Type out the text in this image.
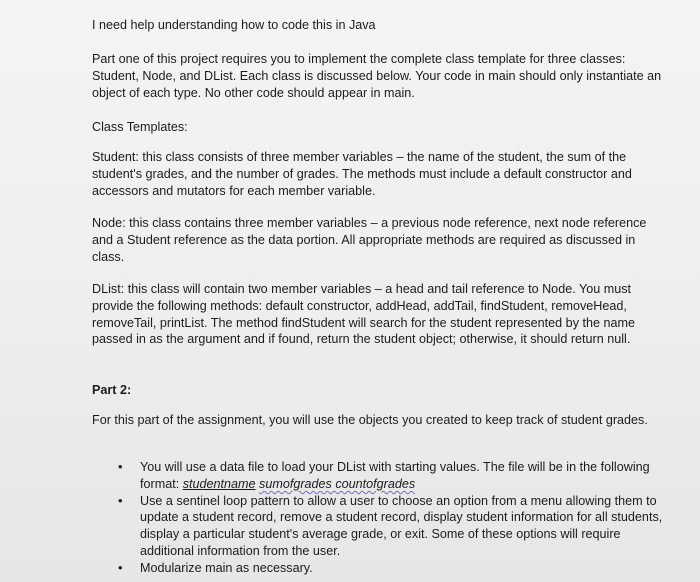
I need help understanding how to code this in Java

Part one of this project requires you to implement the complete class template for three classes: Student, Node, and DList. Each class is discussed below. Your code in main should only instantiate an object of each type. No other code should appear in main.

Class Templates:

Student: this class consists of three member variables – the name of the student, the sum of the student's grades, and the number of grades. The methods must include a default constructor and accessors and mutators for each member variable.

Node: this class contains three member variables – a previous node reference, next node reference and a Student reference as the data portion. All appropriate methods are required as discussed in class.

DList: this class will contain two member variables – a head and tail reference to Node. You must provide the following methods: default constructor, addHead, addTail, findStudent, removeHead, removeTail, printList. The method findStudent will search for the student represented by the name passed in as the argument and if found, return the student object; otherwise, it should return null.

Part 2:

For this part of the assignment, you will use the objects you created to keep track of student grades.

• You will use a data file to load your DList with starting values. The file will be in the following format: studentname sumofgrades countofgrades
• Use a sentinel loop pattern to allow a user to choose an option from a menu allowing them to update a student record, remove a student record, display student information for all students, display a particular student's average grade, or exit. Some of these options will require additional information from the user.
• Modularize main as necessary.
